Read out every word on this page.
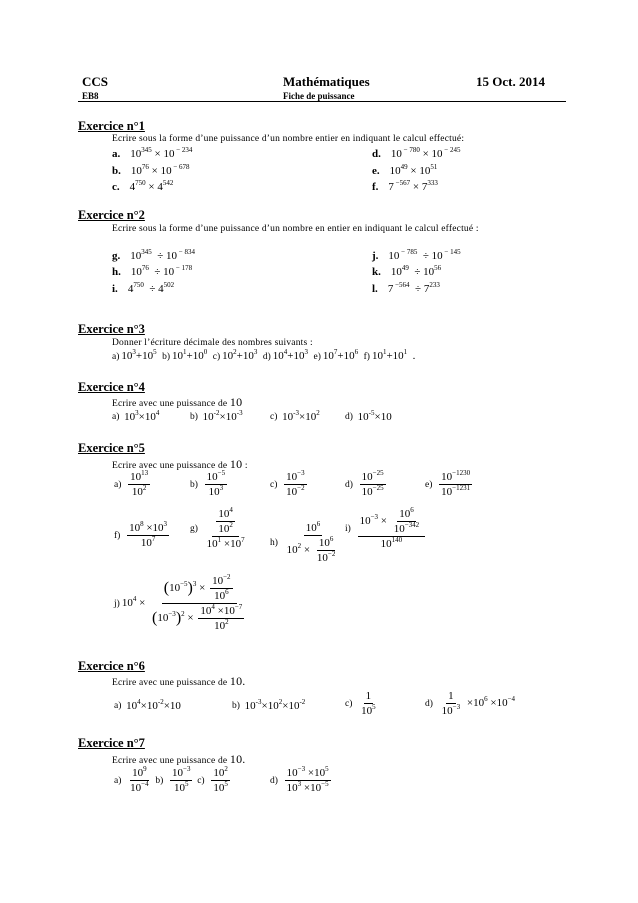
CCS	Mathématiques	15 Oct. 2014
EB8	Fiche de puissance
Exercice n°1
Ecrire sous la forme d’une puissance d’un nombre entier en indiquant le calcul effectué:
a. $10^{345} \times 10$ $^{- 234}$
b. $10^{76} \times 10$ $^{- 678}$
c. $4^{750} \times 4^{542}$
d. 10 $^{- 780}$ × 10 $^{- 245}$
e. $10^{49} \times 10^{51}$
f. 7 $^{-567} \times 7^{333}$
Exercice n°2
Ecrire sous la forme d’une puissance d’un nombre en entier en indiquant le calcul effectué :
g. $10^{345} \div 10$ $^{- 834}$
h. $10^{76} \div 10$ $^{- 178}$
i. $4^{750} \div 4^{502}$
j. 10 $^{- 785}$  ÷ 10 $^{- 145}$
k. $10^{49} \div 10^{56}$
l. 7 $^{-564} \div 7^{233}$
Exercice n°3
Donner l’écriture décimale des nombres suivants :
a) $10^3+10^5$ b) $10^1+10^0$ c) $10^2+10^3$ d) $10^4+10^3$ e) $10^7+10^6$ f) $10^1+10^1$ .
Exercice n°4
Ecrire avec une puissance de 10
a) $10^3\times 10^4$	b) $10^{-2}\times 10^{-3}$	c) $10^{-3}\times 10^2$	d) $10^{-5}\times 10$
Exercice n°5
Ecrire avec une puissance de 10 :
$a) \frac{10^{13}}{10^2}$	$b) \frac{10^{-5}}{10^3}$	$c) \frac{10^{-3}}{10^{-2}}$	$d) \frac{10^{-25}}{10^{-25}}$	$e) \frac{10^{-1230}}{10^{-1231}}$
$f) \frac{10^8 \times 10^3}{10^7} g) \frac{\frac{10^4}{10^2}}{10^1 \times 10^7} h) \frac{10^6}{10^2 \times \frac{10^6}{10^{-2}}} i) \frac{10^{-3} \times \frac{10^6}{10^{-342}}}{10^{140}}$
j) $10^4 \times \frac{(10^{-5})^3 \times \frac{10^{-2}}{10^6}}{(10^{-3})^2 \times \frac{10^4 \times 10^{-7}}{10^2}}$
Exercice n°6
Ecrire avec une puissance de 10.
a) $10^4\times 10^{-2}\times 10$	b) $10^{-3}\times 10^2\times 10^{-2}$	$c) \frac{1}{10^5}$	$d) \frac{1}{10^{-3}} \times 10^6 \times 10^{-4}$
Exercice n°7
Ecrire avec une puissance de 10.
$a) \frac{10^9}{10^{-4}} b) \frac{10^{-3}}{10^5} c) \frac{10^2}{10^5}$	$d) \frac{10^{-3} \times 10^5}{10^3 \times 10^{-5}}$
